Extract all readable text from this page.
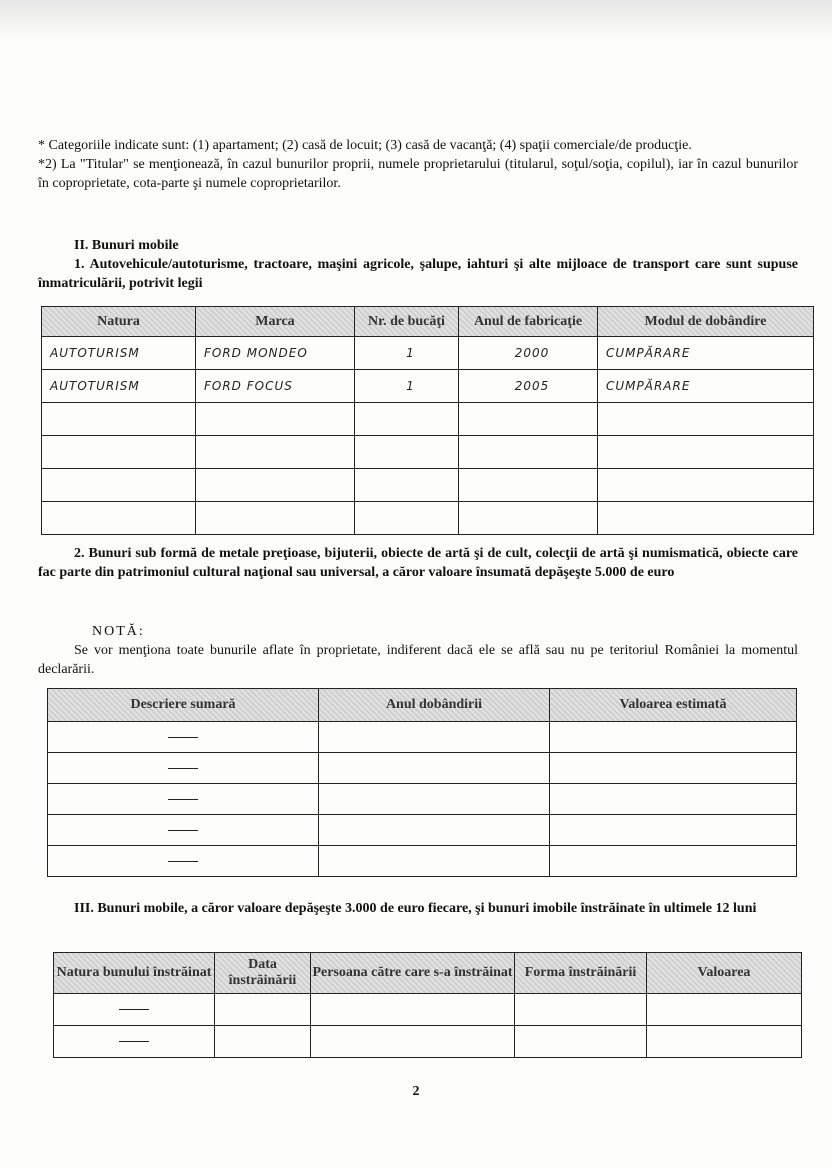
* Categoriile indicate sunt: (1) apartament; (2) casă de locuit; (3) casă de vacanţă; (4) spaţii comerciale/de producţie.

*2) La "Titular" se menţionează, în cazul bunurilor proprii, numele proprietarului (titularul, soţul/soţia, copilul), iar în cazul bunurilor în coproprietate, cota-parte şi numele coproprietarilor.

II. Bunuri mobile

1. Autovehicule/autoturisme, tractoare, maşini agricole, şalupe, iahturi şi alte mijloace de transport care sunt supuse înmatriculării, potrivit legii

Natura	Marca	Nr. de bucăţi	Anul de fabricaţie	Modul de dobândire
AUTOTURISM	FORD MONDEO	1	2000	CUMPĂRARE
AUTOTURISM	FORD FOCUS	1	2005	CUMPĂRARE

2. Bunuri sub formă de metale preţioase, bijuterii, obiecte de artă şi de cult, colecţii de artă şi numismatică, obiecte care fac parte din patrimoniul cultural naţional sau universal, a căror valoare însumată depăşeşte 5.000 de euro

NOTĂ:

Se vor menţiona toate bunurile aflate în proprietate, indiferent dacă ele se află sau nu pe teritoriul României la momentul declarării.

Descriere sumară	Anul dobândirii	Valoarea estimată

III. Bunuri mobile, a căror valoare depăşeşte 3.000 de euro fiecare, şi bunuri imobile înstrăinate în ultimele 12 luni

Natura bunului înstrăinat	Data înstrăinării	Persoana către care s-a înstrăinat	Forma înstrăinării	Valoarea

2
